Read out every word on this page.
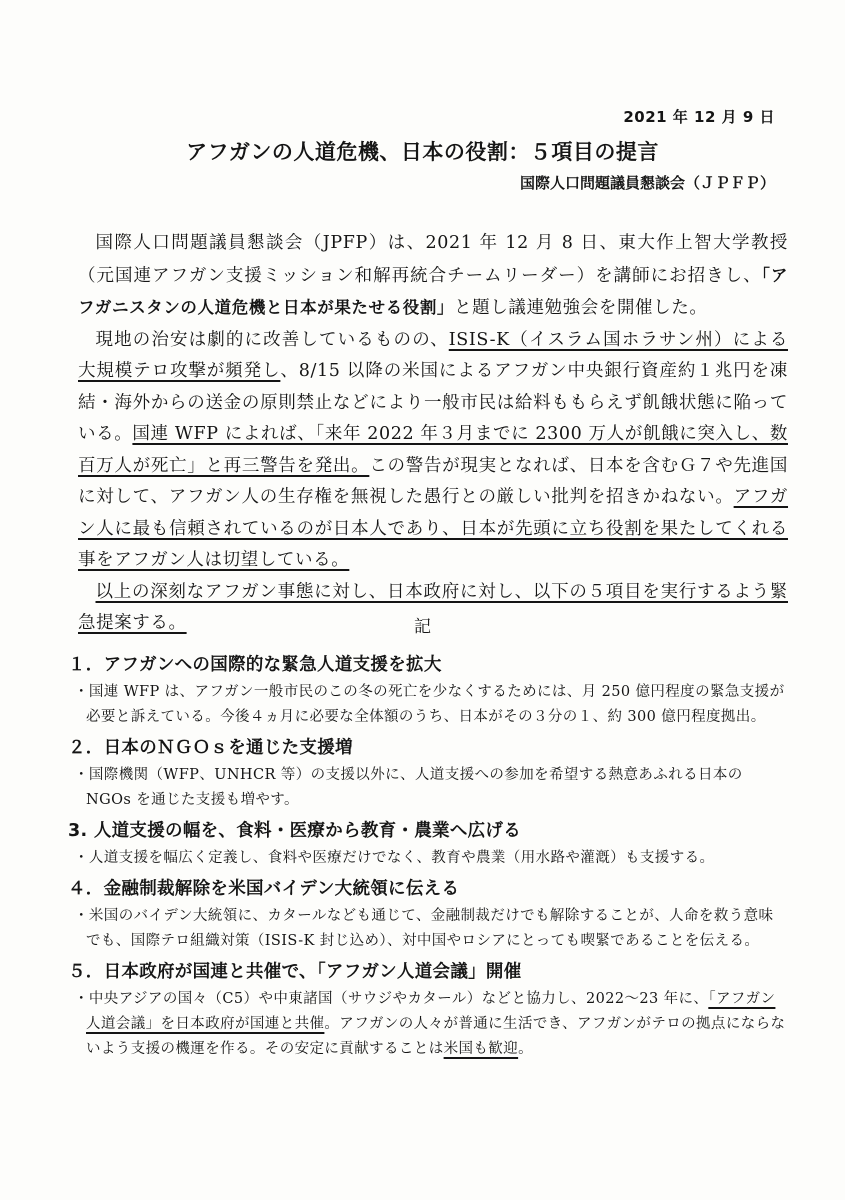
2021 年 12 月 9 日
アフガンの人道危機、日本の役割：５項目の提言
国際人口問題議員懇談会（ＪＰＦＰ）

国際人口問題議員懇談会（JPFP）は、2021 年 12 月 8 日、東大作上智大学教授（元国連アフガン支援ミッション和解再統合チームリーダー）を講師にお招きし、「アフガニスタンの人道危機と日本が果たせる役割」と題し議連勉強会を開催した。

現地の治安は劇的に改善しているものの、ISIS-K（イスラム国ホラサン州）による大規模テロ攻撃が頻発し、8/15 以降の米国によるアフガン中央銀行資産約１兆円を凍結・海外からの送金の原則禁止などにより一般市民は給料ももらえず飢餓状態に陥っている。国連 WFP によれば、「来年 2022 年３月までに 2300 万人が飢餓に突入し、数百万人が死亡」と再三警告を発出。この警告が現実となれば、日本を含むＧ７や先進国に対して、アフガン人の生存権を無視した愚行との厳しい批判を招きかねない。アフガン人に最も信頼されているのが日本人であり、日本が先頭に立ち役割を果たしてくれる事をアフガン人は切望している。

以上の深刻なアフガン事態に対し、日本政府に対し、以下の５項目を実行するよう緊急提案する。	記

１．アフガンへの国際的な緊急人道支援を拡大

・国連 WFP は、アフガン一般市民のこの冬の死亡を少なくするためには、月 250 億円程度の緊急支援が必要と訴えている。今後４ヵ月に必要な全体額のうち、日本がその３分の１、約 300 億円程度拠出。

２．日本のＮＧＯｓを通じた支援増

・国際機関（WFP、UNHCR 等）の支援以外に、人道支援への参加を希望する熱意あふれる日本の NGOs を通じた支援も増やす。

3. 人道支援の幅を、食料・医療から教育・農業へ広げる

・人道支援を幅広く定義し、食料や医療だけでなく、教育や農業（用水路や灌漑）も支援する。

４．金融制裁解除を米国バイデン大統領に伝える

・米国のバイデン大統領に、カタールなども通じて、金融制裁だけでも解除することが、人命を救う意味でも、国際テロ組織対策（ISIS-K 封じ込め）、対中国やロシアにとっても喫緊であることを伝える。

５．日本政府が国連と共催で、「アフガン人道会議」開催

・中央アジアの国々（C5）や中東諸国（サウジやカタール）などと協力し、2022～23 年に、「アフガン人道会議」を日本政府が国連と共催。アフガンの人々が普通に生活でき、アフガンがテロの拠点にならないよう支援の機運を作る。その安定に貢献することは米国も歓迎。
